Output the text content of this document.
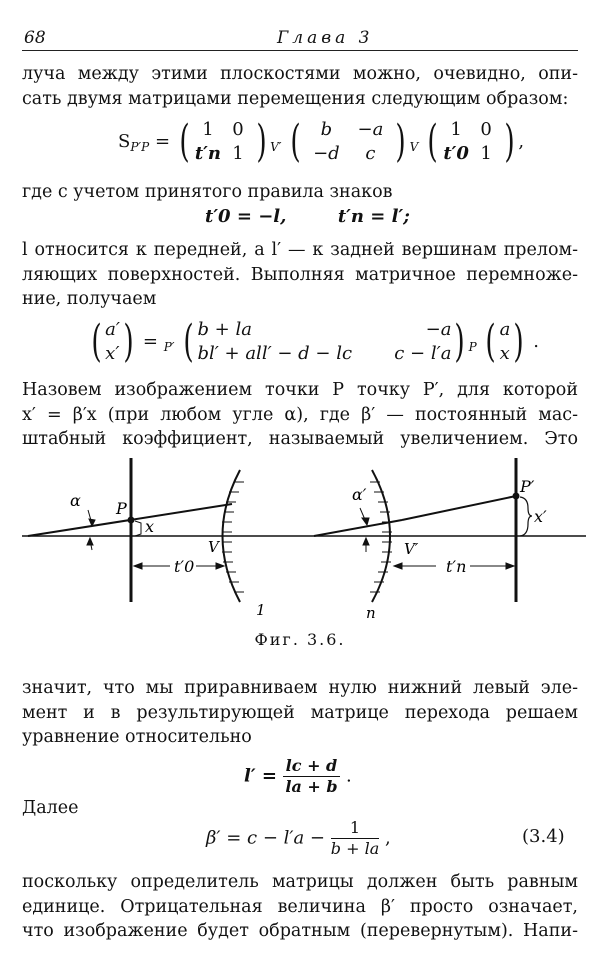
68	Глава 3
луча между этими плоскостями можно, очевидно, опи-
сать двумя матрицами перемещения следующим образом:
$S_{P'P}$ = ( 1 0
t′n 1 ) $_{V'}$ (	b −a
−d c ) $_V$ ( 1 0
t′0 1 ) ,
где с учетом принятого правила знаков
t′0 = −l,	t′n = l′;
l относится к передней, а l′ — к задней вершинам прелом-
ляющих поверхностей. Выполняя матричное перемноже-
ние, получаем
( a′
x′ ) = $_{P'}$ ( b + la	−a
bl′ + all′ − d − lc c − l′a ) $_P$ ( a
x ) .
Назовем изображением точки P точку P′, для которой
x′ = β′x (при любом угле α), где β′ — постоянный мас-
штабный коэффициент, называемый увеличением. Это
α P
x
V
t′0
1
α′
V′
t′n
n
P′
x′
Фиг. 3.6.
значит, что мы приравниваем нулю нижний левый эле-
мент и в результирующей матрице перехода решаем
уравнение относительно
$l' = \frac{lc + d}{la + b}$ .
Далее
$\beta' = c - l'a - \frac{1}{b + la}$ ,	(3.4)
поскольку определитель матрицы должен быть равным
единице. Отрицательная величина β′ просто означает,
что изображение будет обратным (перевернутым). Напи-
